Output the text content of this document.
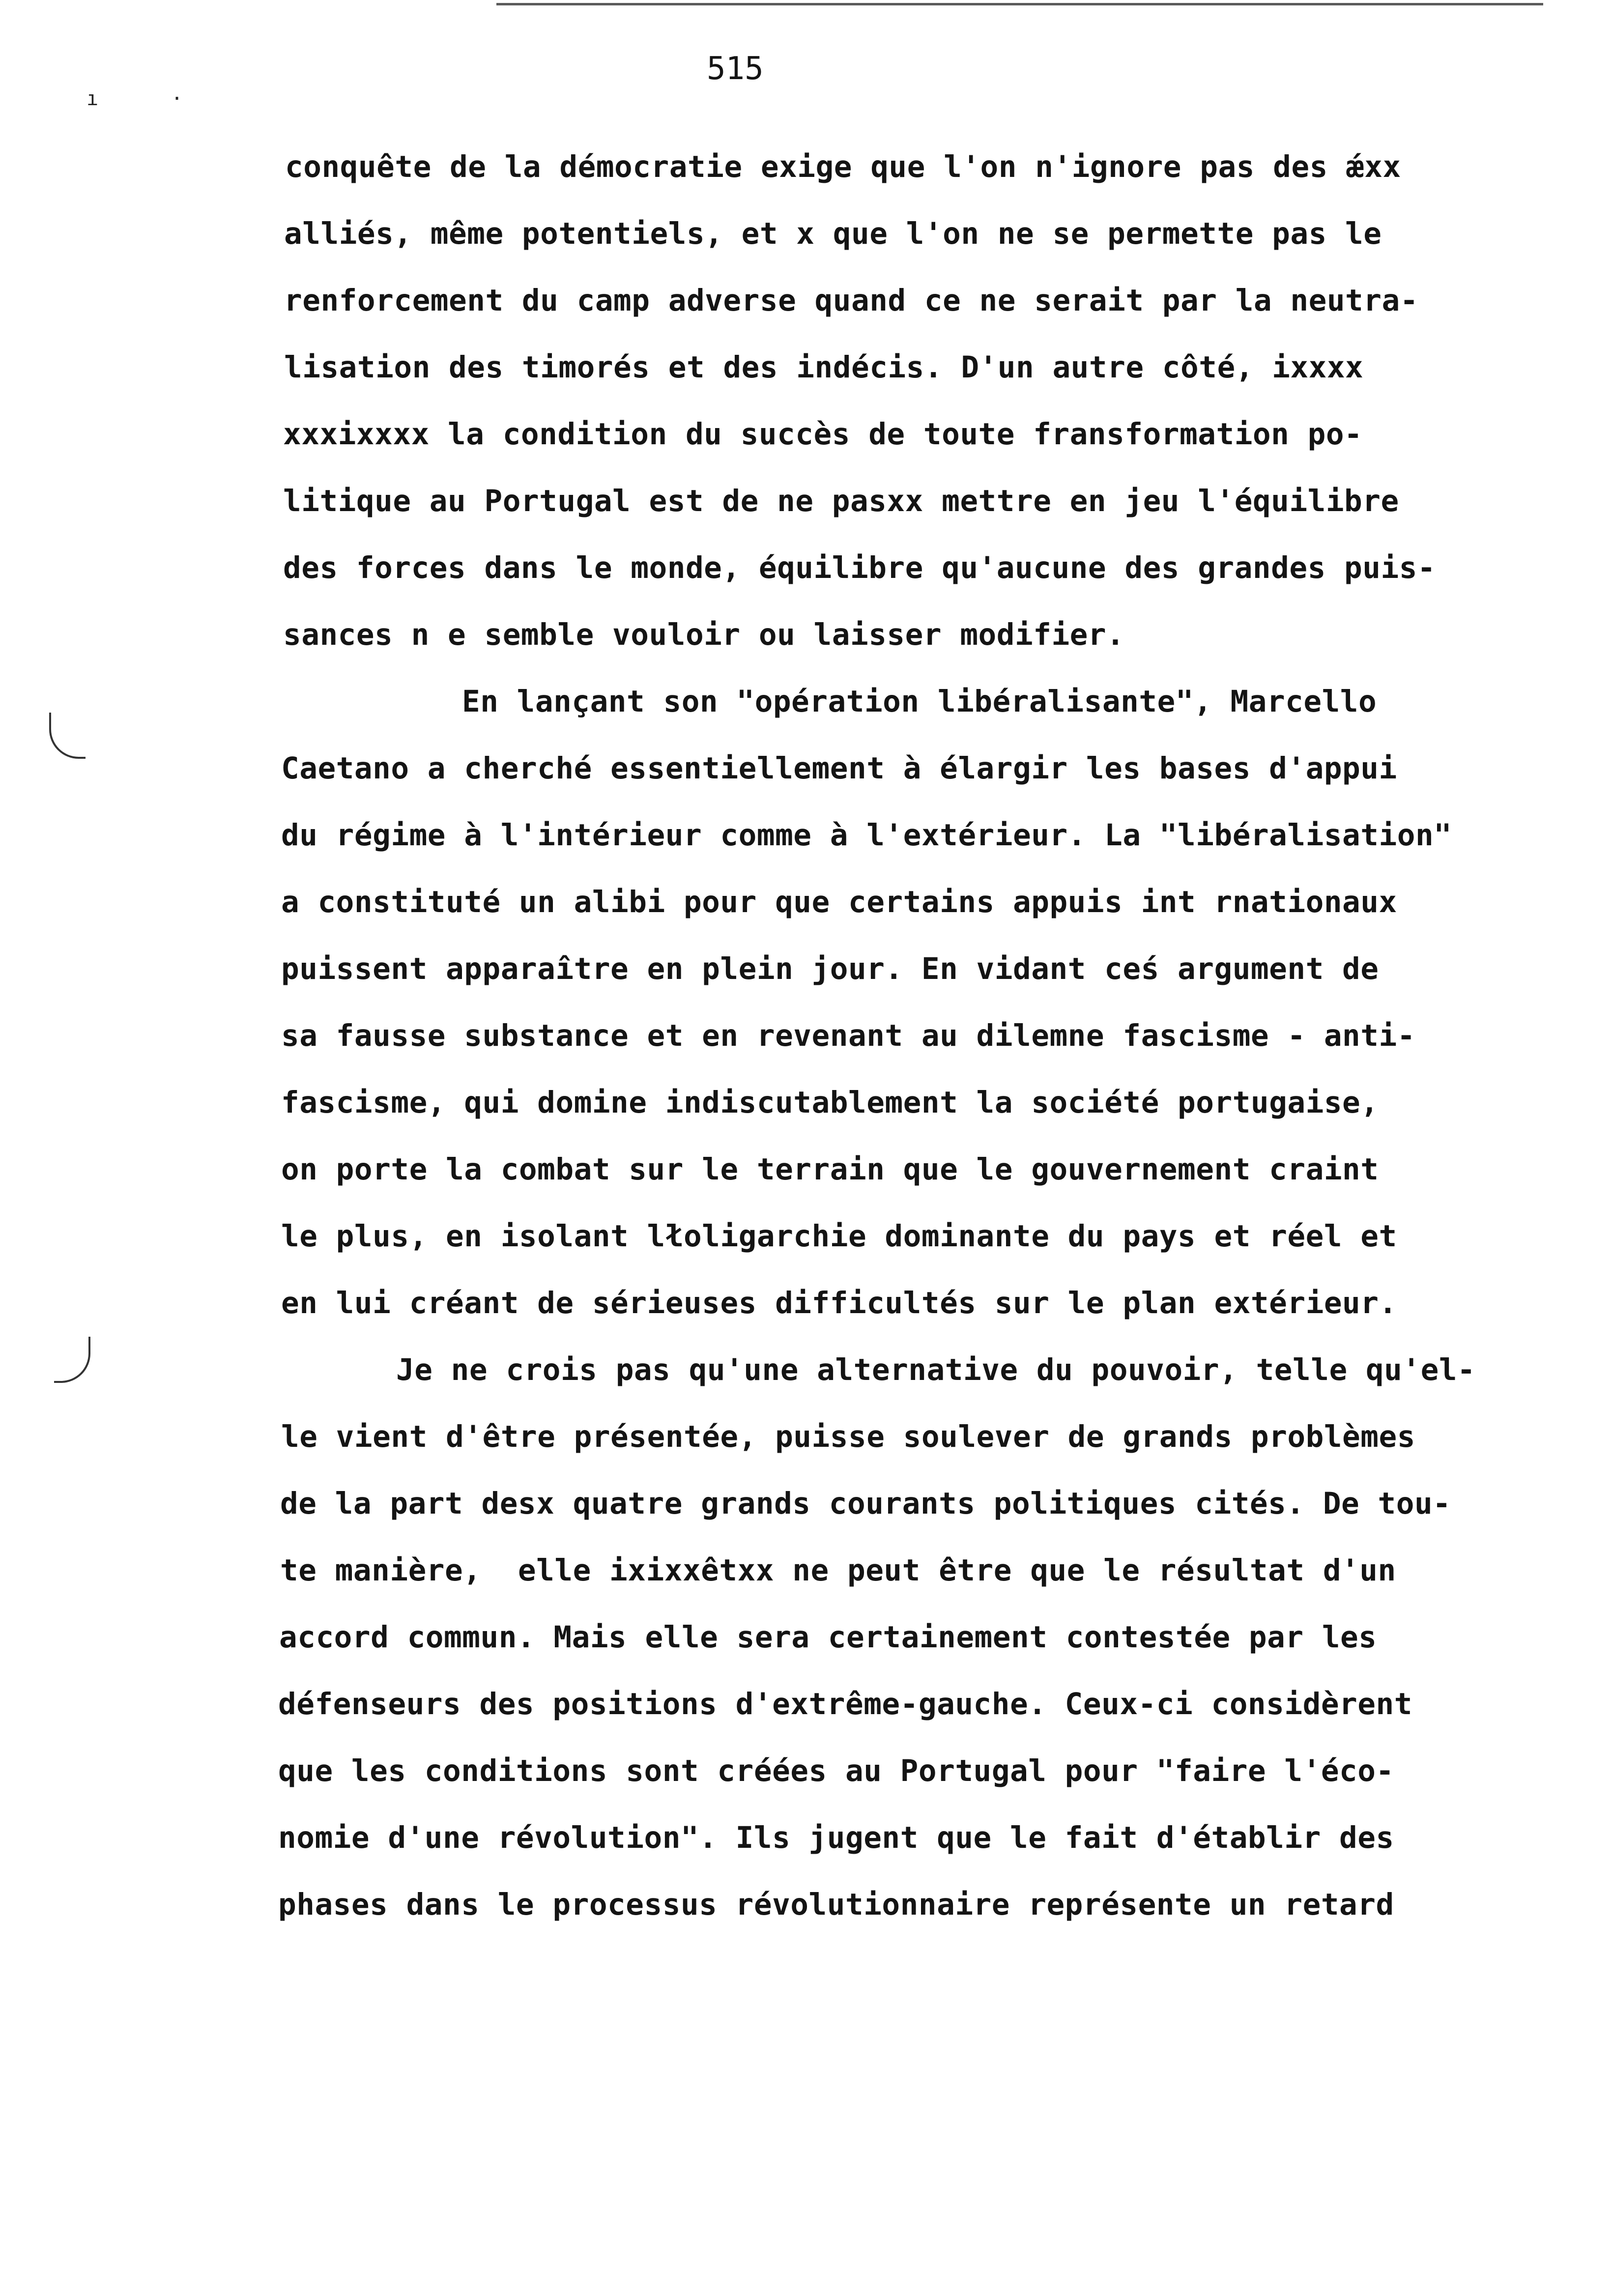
515
ı	·
conquête de la démocratie exige que l'on n'ignore pas des ǽxx
alliés, même potentiels, et x que l'on ne se permette pas le
renforcement du camp adverse quand ce ne serait par la neutra-
lisation des timorés et des indécis. D'un autre côté, ixxxx
xxxixxxx la condition du succès de toute fransformation po-
litique au Portugal est de ne pasxx mettre en jeu l'équilibre
des forces dans le monde, équilibre qu'aucune des grandes puis-
sances n e semble vouloir ou laisser modifier.
En lançant son "opération libéralisante", Marcello
Caetano a cherché essentiellement à élargir les bases d'appui
du régime à l'intérieur comme à l'extérieur. La "libéralisation"
a constituté un alibi pour que certains appuis int rnationaux
puissent apparaître en plein jour. En vidant ceś argument de
sa fausse substance et en revenant au dilemne fascisme - anti-
fascisme, qui domine indiscutablement la société portugaise,
on porte la combat sur le terrain que le gouvernement craint
le plus, en isolant lłoligarchie dominante du pays et réel et
en lui créant de sérieuses difficultés sur le plan extérieur.
Je ne crois pas qu'une alternative du pouvoir, telle qu'el-
le vient d'être présentée, puisse soulever de grands problèmes
de la part desx quatre grands courants politiques cités. De tou-
te manière,  elle ixixxêtxx ne peut être que le résultat d'un
accord commun. Mais elle sera certainement contestée par les
défenseurs des positions d'extrême-gauche. Ceux-ci considèrent
que les conditions sont créées au Portugal pour "faire l'éco-
nomie d'une révolution". Ils jugent que le fait d'établir des
phases dans le processus révolutionnaire représente un retard
